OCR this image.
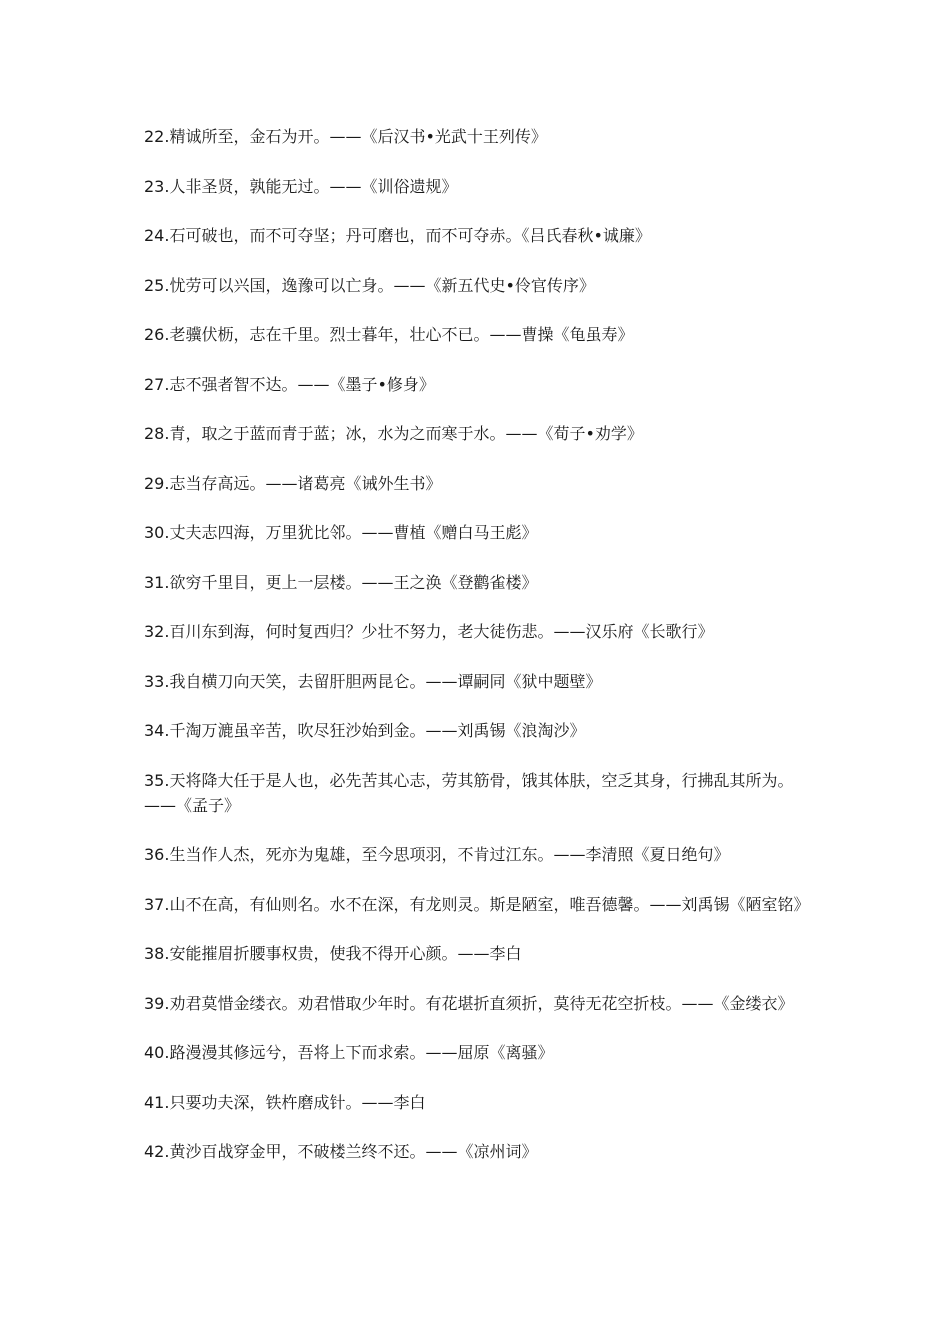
22.精诚所至，金石为开。——《后汉书•光武十王列传》
23.人非圣贤，孰能无过。——《训俗遗规》
24.石可破也，而不可夺坚；丹可磨也，而不可夺赤。《吕氏春秋•诚廉》
25.忧劳可以兴国，逸豫可以亡身。——《新五代史•伶官传序》
26.老骥伏枥，志在千里。烈士暮年，壮心不已。——曹操《龟虽寿》
27.志不强者智不达。——《墨子•修身》
28.青，取之于蓝而青于蓝；冰，水为之而寒于水。——《荀子•劝学》
29.志当存高远。——诸葛亮《诫外生书》
30.丈夫志四海，万里犹比邻。——曹植《赠白马王彪》
31.欲穷千里目，更上一层楼。——王之涣《登鹳雀楼》
32.百川东到海，何时复西归？少壮不努力，老大徒伤悲。——汉乐府《长歌行》
33.我自横刀向天笑，去留肝胆两昆仑。——谭嗣同《狱中题壁》
34.千淘万漉虽辛苦，吹尽狂沙始到金。——刘禹锡《浪淘沙》
35.天将降大任于是人也，必先苦其心志，劳其筋骨，饿其体肤，空乏其身，行拂乱其所为。——《孟子》
36.生当作人杰，死亦为鬼雄，至今思项羽，不肯过江东。——李清照《夏日绝句》
37.山不在高，有仙则名。水不在深，有龙则灵。斯是陋室，唯吾德馨。——刘禹锡《陋室铭》
38.安能摧眉折腰事权贵，使我不得开心颜。——李白
39.劝君莫惜金缕衣。劝君惜取少年时。有花堪折直须折，莫待无花空折枝。——《金缕衣》
40.路漫漫其修远兮，吾将上下而求索。——屈原《离骚》
41.只要功夫深，铁杵磨成针。——李白
42.黄沙百战穿金甲，不破楼兰终不还。——《凉州词》
